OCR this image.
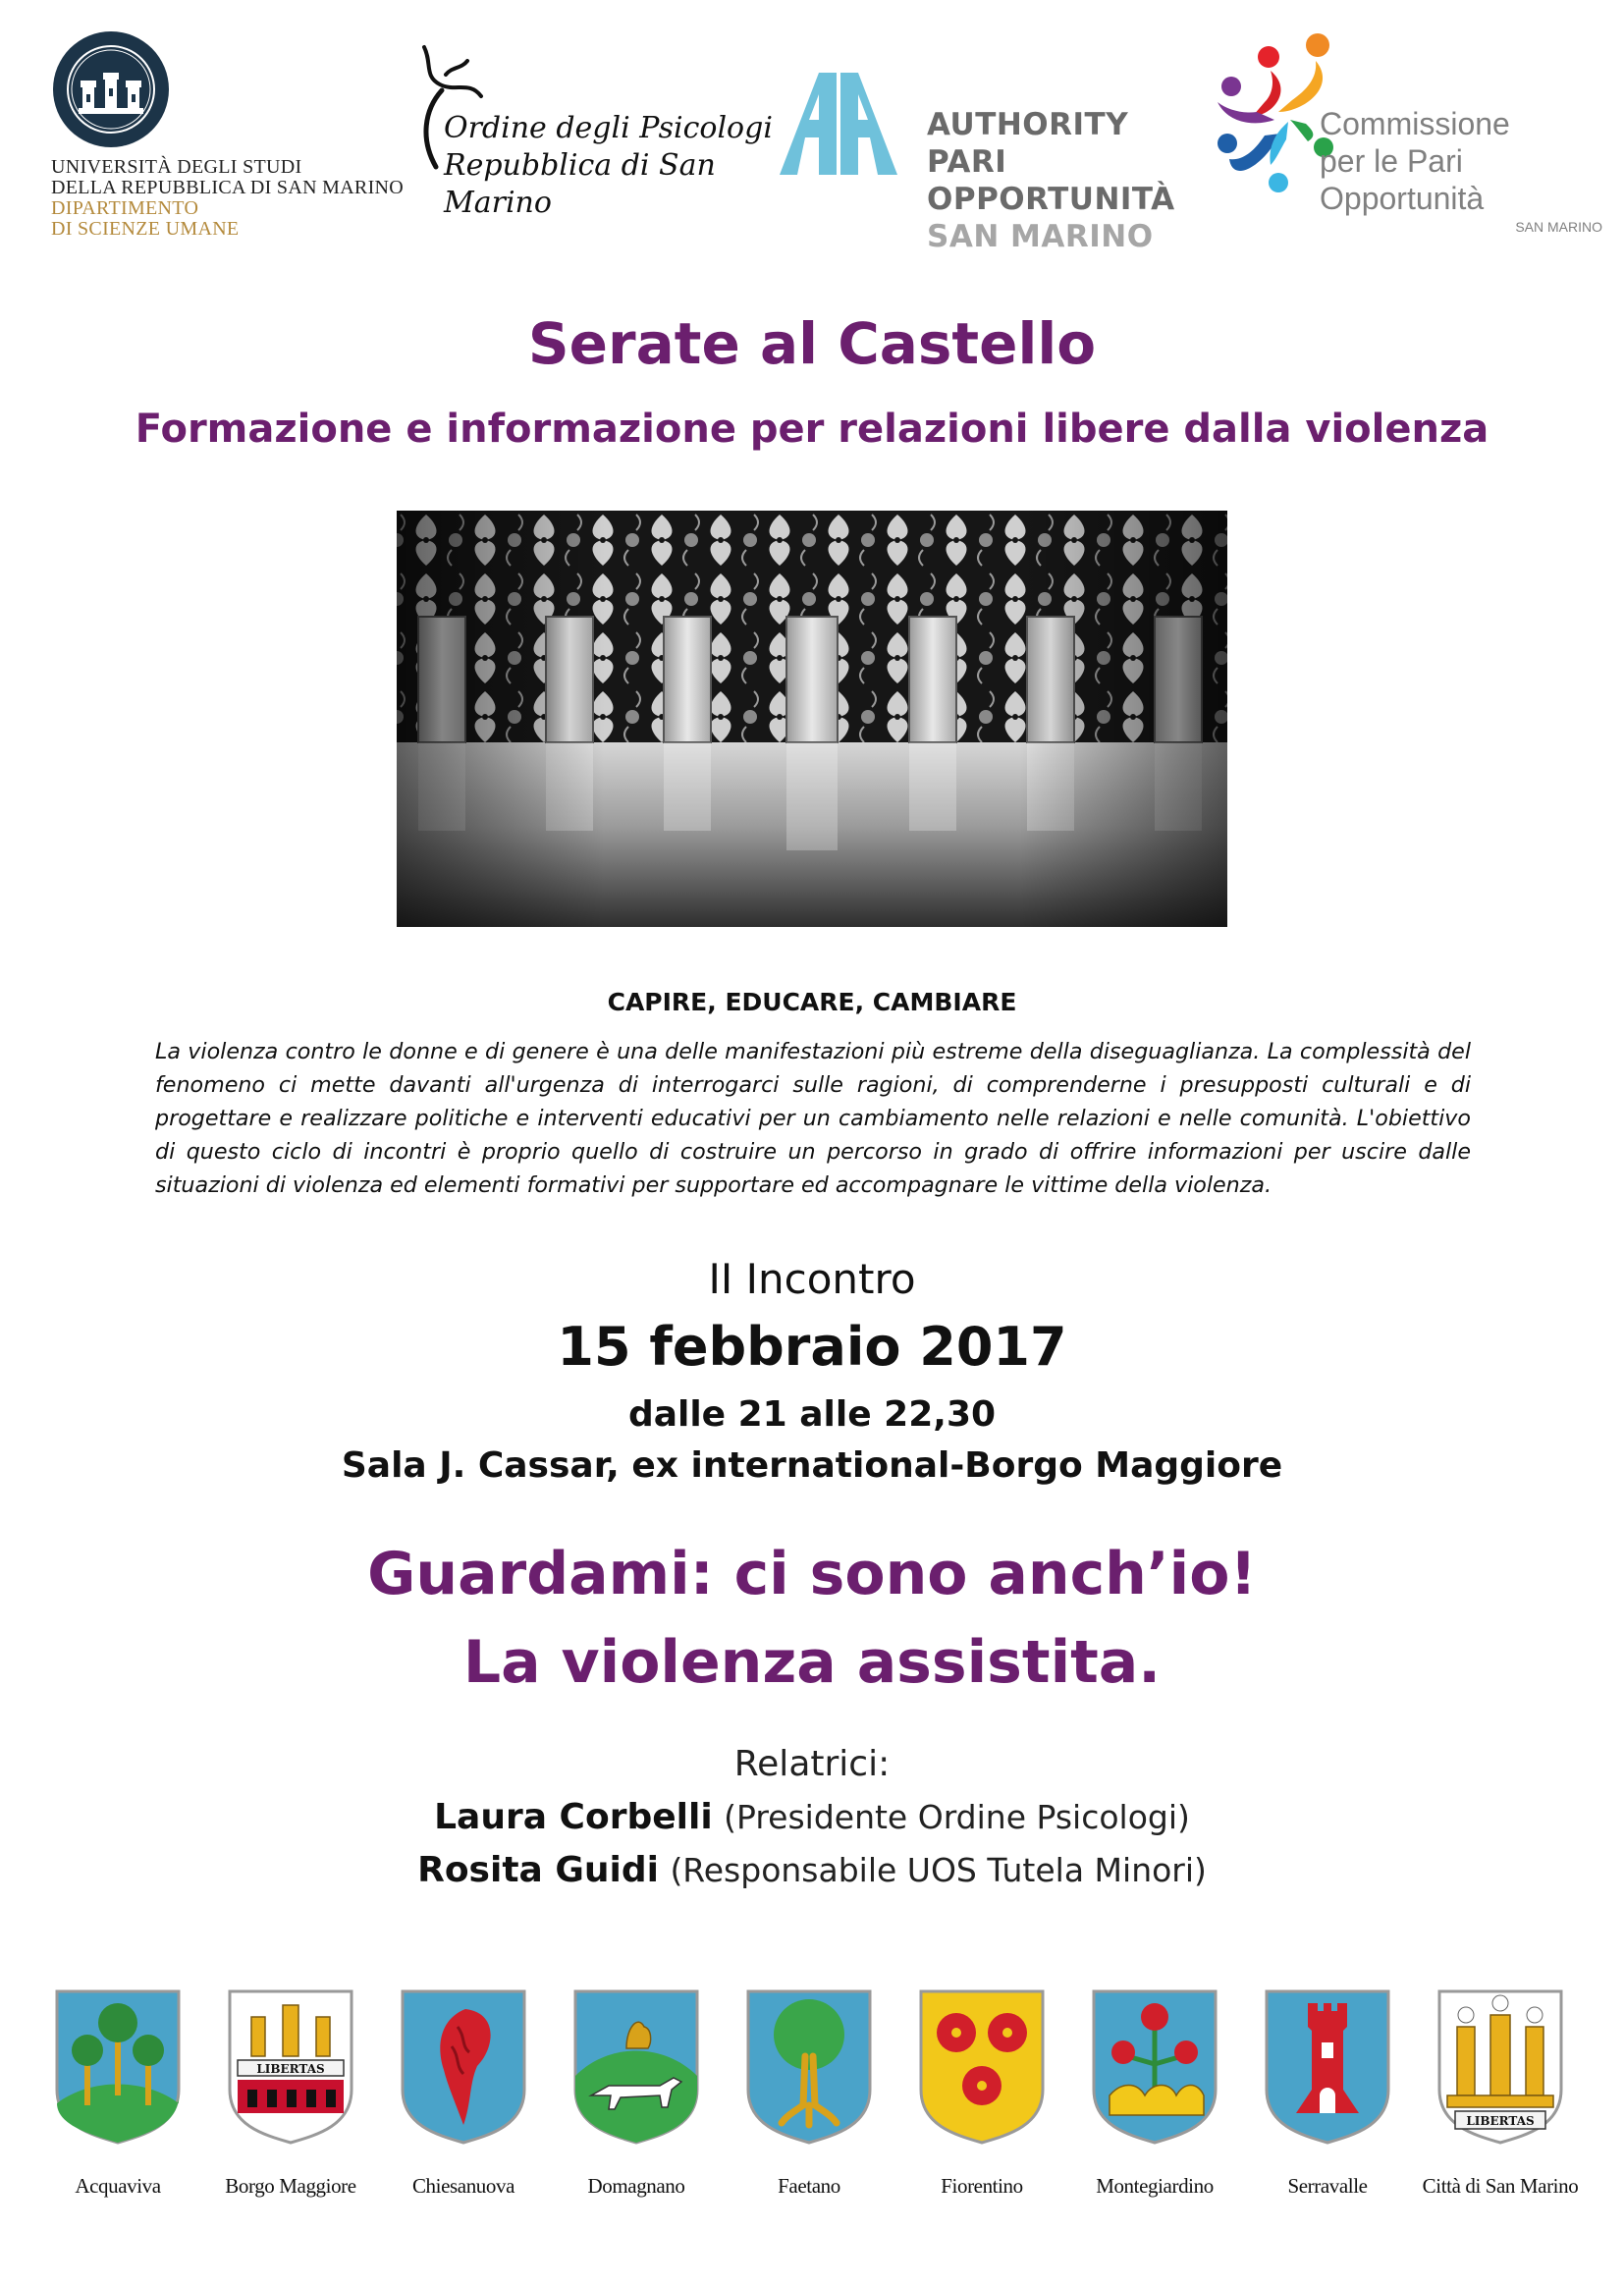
UNIVERSITÀ DEGLI STUDI
DELLA REPUBBLICA DI SAN MARINO
DIPARTIMENTO
DI SCIENZE UMANE
Ordine degli Psicologi
Repubblica di San Marino
AUTHORITY
PARI OPPORTUNITÀ
SAN MARINO
Commissione
per le Pari Opportunità
SAN MARINO
Serate al Castello
Formazione e informazione per relazioni libere dalla violenza
CAPIRE, EDUCARE, CAMBIARE
La violenza contro le donne e di genere è una delle manifestazioni più estreme della diseguaglianza. La complessità del fenomeno ci mette davanti all'urgenza di interrogarci sulle ragioni, di comprenderne i presupposti culturali e di progettare e realizzare politiche e interventi educativi per un cambiamento nelle relazioni e nelle comunità. L'obiettivo di questo ciclo di incontri è proprio quello di costruire un percorso in grado di offrire informazioni per uscire dalle situazioni di violenza ed elementi formativi per supportare ed accompagnare le vittime della violenza.
II Incontro
15 febbraio 2017
dalle 21 alle 22,30
Sala J. Cassar, ex international-Borgo Maggiore
Guardami: ci sono anch’io!
La violenza assistita.
Relatrici:
Laura Corbelli (Presidente Ordine Psicologi)
Rosita Guidi (Responsabile UOS Tutela Minori)
Acquaviva
LIBERTAS
Borgo Maggiore	Chiesanuova	Domagnano	Faetano	Fiorentino	Montegiardino	Serravalle
LIBERTAS
Città di San Marino
